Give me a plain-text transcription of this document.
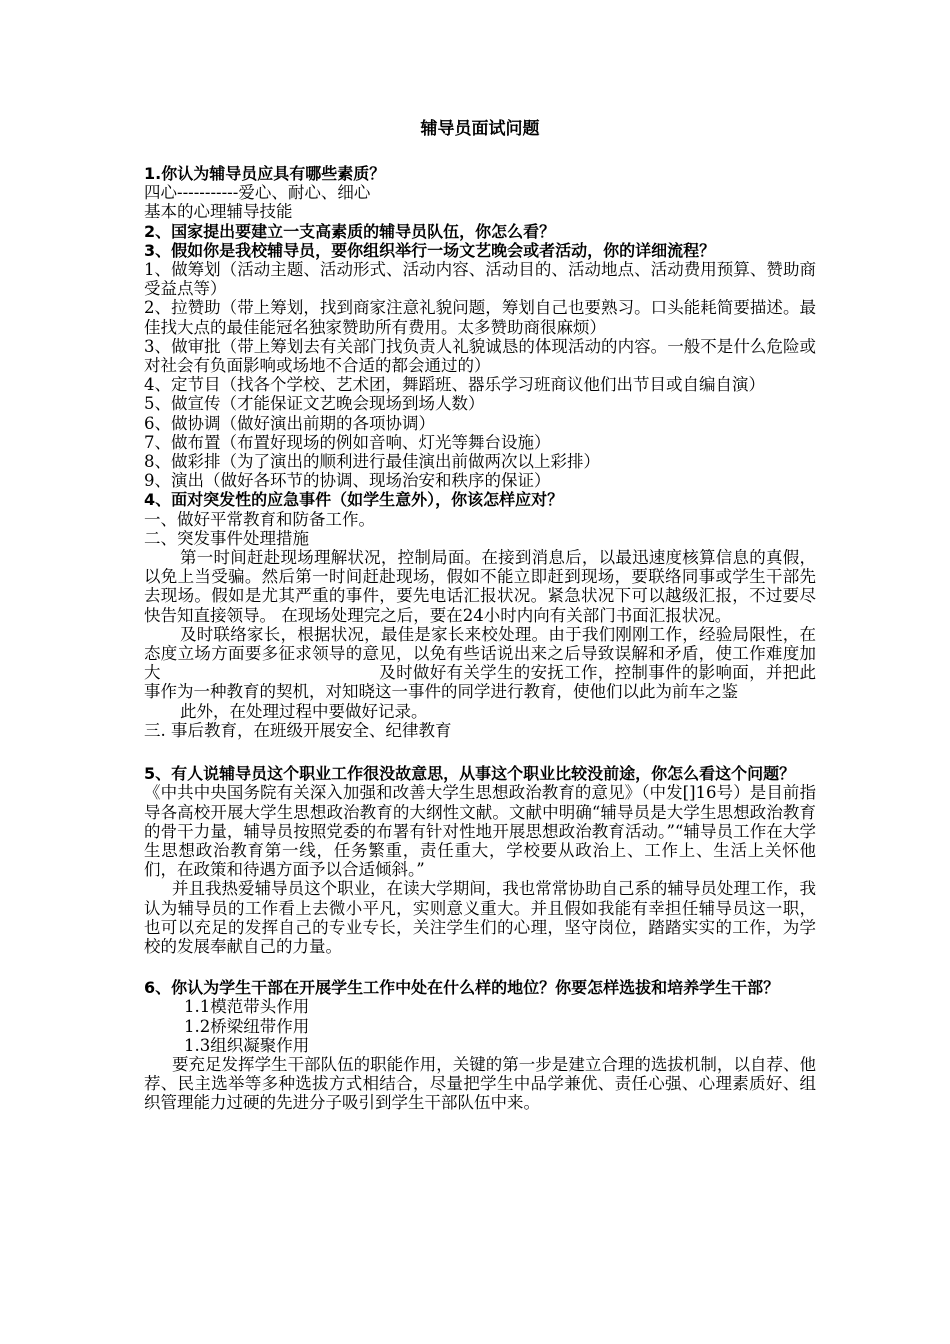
辅导员面试问题
1.你认为辅导员应具有哪些素质？
四心-----------爱心、耐心、细心
基本的心理辅导技能
2、国家提出要建立一支高素质的辅导员队伍，你怎么看？
3、假如你是我校辅导员，要你组织举行一场文艺晚会或者活动，你的详细流程？
1、做筹划（活动主题、活动形式、活动内容、活动目的、活动地点、活动费用预算、赞助商受益点等）
2、拉赞助（带上筹划，找到商家注意礼貌问题，筹划自己也要熟习。口头能耗简要描述。最佳找大点的最佳能冠名独家赞助所有费用。太多赞助商很麻烦）
3、做审批（带上筹划去有关部门找负责人礼貌诚恳的体现活动的内容。一般不是什么危险或对社会有负面影响或场地不合适的都会通过的）
4、定节目（找各个学校、艺术团，舞蹈班、器乐学习班商议他们出节目或自编自演）
5、做宣传（才能保证文艺晚会现场到场人数）
6、做协调（做好演出前期的各项协调）
7、做布置（布置好现场的例如音响、灯光等舞台设施）
8、做彩排（为了演出的顺利进行最佳演出前做两次以上彩排）
9、演出（做好各环节的协调、现场治安和秩序的保证）
4、面对突发性的应急事件（如学生意外），你该怎样应对？
一、做好平常教育和防备工作。
二、突发事件处理措施
第一时间赶赴现场理解状况，控制局面。在接到消息后，以最迅速度核算信息的真假，以免上当受骗。然后第一时间赶赴现场，假如不能立即赶到现场，要联络同事或学生干部先去现场。假如是尤其严重的事件，要先电话汇报状况。紧急状况下可以越级汇报，不过要尽快告知直接领导。 在现场处理完之后，要在24小时内向有关部门书面汇报状况。
及时联络家长，根据状况，最佳是家长来校处理。由于我们刚刚工作，经验局限性，在态度立场方面要多征求领导的意见，以免有些话说出来之后导致误解和矛盾，使工作难度加大　　　　　　　　　　　　　及时做好有关学生的安抚工作，控制事件的影响面，并把此事作为一种教育的契机，对知晓这一事件的同学进行教育，使他们以此为前车之鉴
此外，在处理过程中要做好记录。
三. 事后教育，在班级开展安全、纪律教育
5、有人说辅导员这个职业工作很没故意思，从事这个职业比较没前途，你怎么看这个问题？
《中共中央国务院有关深入加强和改善大学生思想政治教育的意见》（中发[]16号）是目前指导各高校开展大学生思想政治教育的大纲性文献。文献中明确“辅导员是大学生思想政治教育的骨干力量，辅导员按照党委的布署有针对性地开展思想政治教育活动。”“辅导员工作在大学生思想政治教育第一线，任务繁重，责任重大，学校要从政治上、工作上、生活上关怀他们，在政策和待遇方面予以合适倾斜。”
并且我热爱辅导员这个职业，在读大学期间，我也常常协助自己系的辅导员处理工作，我认为辅导员的工作看上去微小平凡，实则意义重大。并且假如我能有幸担任辅导员这一职，也可以充足的发挥自己的专业专长，关注学生们的心理，坚守岗位，踏踏实实的工作，为学校的发展奉献自己的力量。
6、你认为学生干部在开展学生工作中处在什么样的地位？你要怎样选拔和培养学生干部？
1.1模范带头作用
1.2桥梁纽带作用
1.3组织凝聚作用
要充足发挥学生干部队伍的职能作用，关键的第一步是建立合理的选拔机制，以自荐、他荐、民主选举等多种选拔方式相结合，尽量把学生中品学兼优、责任心强、心理素质好、组织管理能力过硬的先进分子吸引到学生干部队伍中来。
